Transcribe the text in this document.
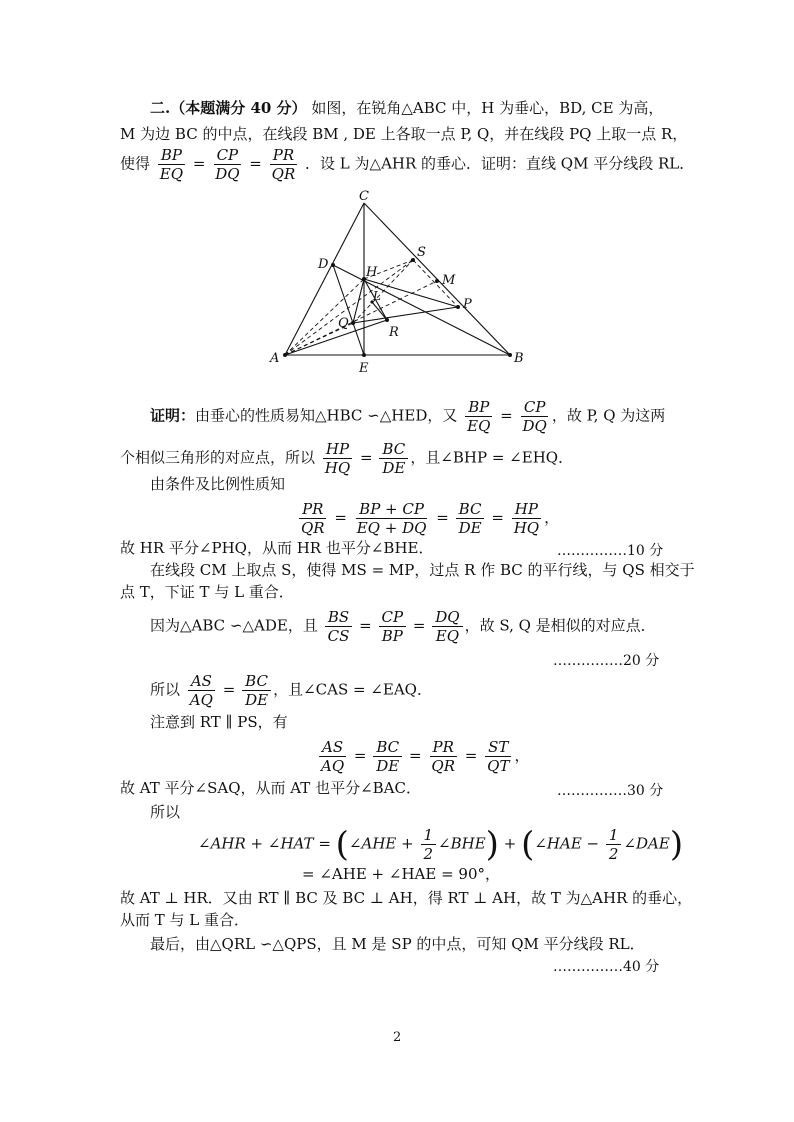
二.（本题满分 40 分） 如图，在锐角△ABC 中，H 为垂心，BD, CE 为高，
M 为边 BC 的中点，在线段 BM , DE 上各取一点 P, Q，并在线段 PQ 上取一点 R，
使得 $\frac{BP}{EQ} = \frac{CP}{DQ} = \frac{PR}{QR}$ ．设 L 为△AHR 的垂心．证明：直线 QM 平分线段 RL．
C
D
H
S
M
P
Q
R
A
E
B
L
证明：由垂心的性质易知△HBC ∽△HED，又 $\frac{BP}{EQ} = \frac{CP}{DQ}$ ，故 P, Q 为这两
个相似三角形的对应点，所以 $\frac{HP}{HQ} = \frac{BC}{DE}$ ，且∠BHP = ∠EHQ．
由条件及比例性质知
$\frac{PR}{QR} = \frac{BP + CP}{EQ + DQ} = \frac{BC}{DE} = \frac{HP}{HQ}$ ，
故 HR 平分∠PHQ，从而 HR 也平分∠BHE．	……………10 分
在线段 CM 上取点 S，使得 MS = MP，过点 R 作 BC 的平行线，与 QS 相交于
点 T，下证 T 与 L 重合．
因为△ABC ∽△ADE，且 $\frac{BS}{CS} = \frac{CP}{BP} = \frac{DQ}{EQ}$ ，故 S, Q 是相似的对应点．
……………20 分
所以 $\frac{AS}{AQ} = \frac{BC}{DE}$ ，且∠CAS = ∠EAQ．
注意到 RT ∥ PS，有
$\frac{AS}{AQ} = \frac{BC}{DE} = \frac{PR}{QR} = \frac{ST}{QT}$ ，
故 AT 平分∠SAQ，从而 AT 也平分∠BAC．	……………30 分
所以
∠AHR + ∠HAT = (∠AHE + $\frac{1}{2}$ ∠BHE) + (∠HAE − $\frac{1}{2}$ ∠DAE)
= ∠AHE + ∠HAE = 90°，
故 AT ⊥ HR．又由 RT ∥ BC 及 BC ⊥ AH，得 RT ⊥ AH，故 T 为△AHR 的垂心，
从而 T 与 L 重合．
最后，由△QRL ∽△QPS，且 M 是 SP 的中点，可知 QM 平分线段 RL．
……………40 分
2
